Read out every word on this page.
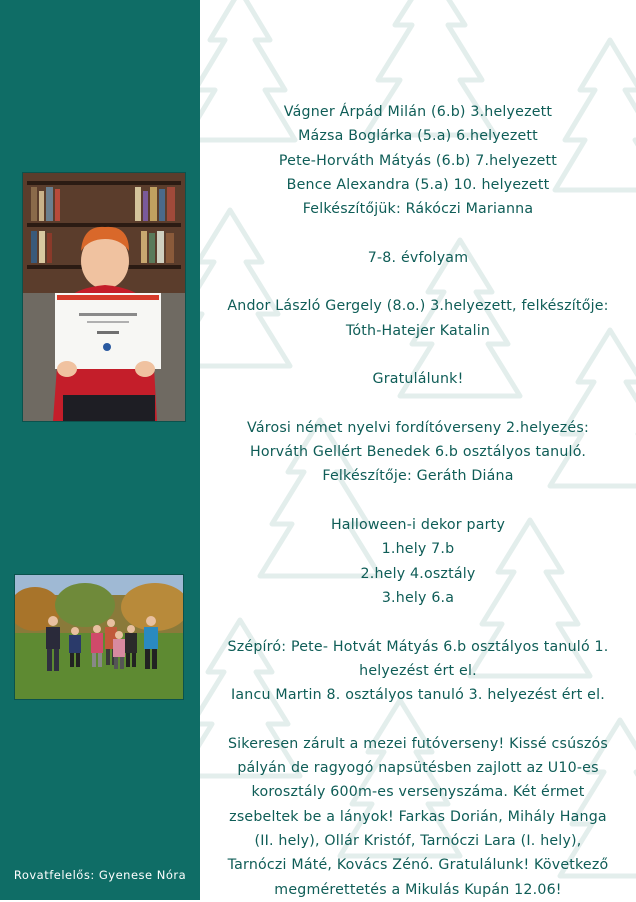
Rovatfelelős: Gyenese Nóra
Vágner Árpád Milán (6.b) 3.helyezett
Mázsa Boglárka (5.a) 6.helyezett
Pete-Horváth Mátyás (6.b) 7.helyezett
Bence Alexandra (5.a) 10. helyezett
Felkészítőjük: Rákóczi Marianna
7-8. évfolyam
Andor László Gergely (8.o.) 3.helyezett, felkészítője:
Tóth-Hatejer Katalin
Gratulálunk!
Városi német nyelvi fordítóverseny 2.helyezés:
Horváth Gellért Benedek 6.b osztályos tanuló.
Felkészítője: Geráth Diána
Halloween-i dekor party
1.hely 7.b
2.hely 4.osztály
3.hely 6.a
Szépíró: Pete- Hotvát Mátyás 6.b osztályos tanuló 1.
helyezést ért el.
Iancu Martin 8. osztályos tanuló 3. helyezést ért el.
Sikeresen zárult a mezei futóverseny! Kissé csúszós
pályán de ragyogó napsütésben zajlott az U10-es
korosztály 600m-es versenyszáma. Két érmet
zsebeltek be a lányok! Farkas Dorián, Mihály Hanga
(II. hely), Ollár Kristóf, Tarnóczi Lara (I. hely),
Tarnóczi Máté, Kovács Zénó. Gratulálunk! Következő
megmérettetés a Mikulás Kupán 12.06!
